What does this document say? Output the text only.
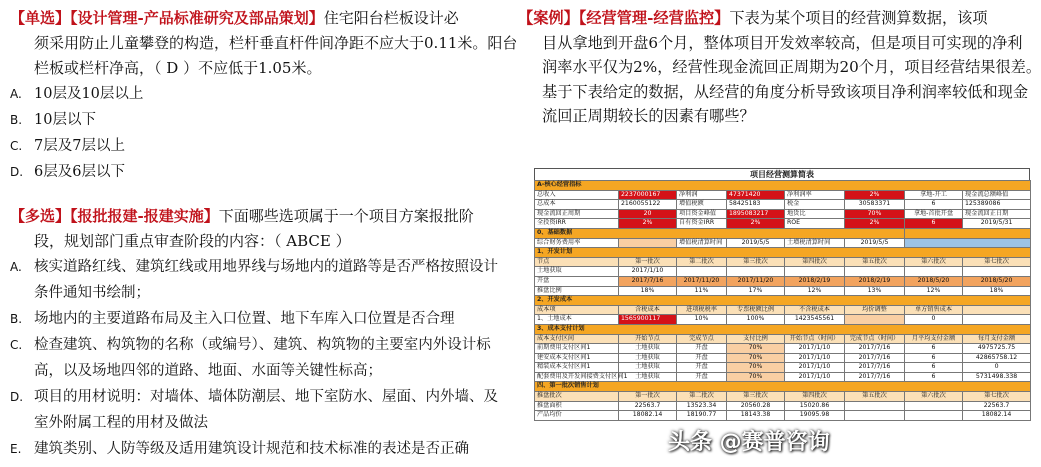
【单选】【设计管理-产品标准研究及部品策划】住宅阳台栏板设计必
须采用防止儿童攀登的构造，栏杆垂直杆件间净距不应大于0.11米。阳台
栏板或栏杆净高，（ D ）不应低于1.05米。
A. 10层及10层以上
B. 10层以下
C. 7层及7层以上
D. 6层及6层以下
【多选】【报批报建-报建实施】下面哪些选项属于一个项目方案报批阶
段，规划部门重点审查阶段的内容：（ ABCE ）
A. 核实道路红线、建筑红线或用地界线与场地内的道路等是否严格按照设计
条件通知书绘制；
B. 场地内的主要道路布局及主入口位置、地下车库入口位置是否合理
C. 检查建筑、构筑物的名称（或编号）、建筑、构筑物的主要室内外设计标
高，以及场地四邻的道路、地面、水面等关键性标高；
D. 项目的用材说明：对墙体、墙体防潮层、地下室防水、屋面、内外墙、及
室外附属工程的用材及做法
E. 建筑类别、人防等级及适用建筑设计规范和技术标准的表述是否正确
【案例】【经营管理-经营监控】下表为某个项目的经营测算数据，该项
目从拿地到开盘6个月，整体项目开发效率较高，但是项目可实现的净利
润率水平仅为2%，经营性现金流回正周期为20个月，项目经营结果很差。
基于下表给定的数据，从经营的角度分析导致该项目净利润率较低和现金
流回正周期较长的因素有哪些？
项目经营测算简表
A-核心经营指标							
总收入	2237000167	净利润	47371420	净利润率	2%	拿地-开工	现金流总额峰值
总成本	2160055122	增值税额	58425183	税金	30583371	6	125389086
现金流回正周期	20	项目资金峰值	1895083217	地货比	70%	拿地-首批开盘	现金流回正日期
全投资IRR	2%	自有资金IRR	2%	ROE	2%	6	2019/5/31
0、基础数据							
综合财务费用率		增值税清算时间	2019/5/5	土增税清算时间	2019/5/5		
1、开发计划							
节点	第一批次	第二批次	第三批次	第四批次	第五批次	第六批次	第七批次
土地获取	2017/1/10						
开盘	2017/7/16	2017/11/20	2017/11/20	2018/2/19	2018/2/19	2018/5/20	2018/5/20
推盘比例	18%	11%	17%	12%	13%	12%	18%
2、开发成本							
成本项	含税成本	进项税税率	专票税额比例	不含税成本	均价调整	单方销售成本	
1、土地成本	1565900117	10%	100%	1423545561		0	
3、成本支付计划							
成本支付区间	开始节点	完成节点	支付比例	开始节点（时间）	完成节点（时间）	月平均支付金额	每月支付金额
前期费用支付区间1	土地获取	开盘	70%	2017/1/10	2017/7/16	6	4975725.75
建安成本支付区间1	土地获取	开盘	70%	2017/1/10	2017/7/16	6	42865758.12
精装成本支付区间1	土地获取	开盘	70%	2017/1/10	2017/7/16	6	0
配套费用及开发间接费支付区间1	土地获取	开盘	70%	2017/1/10	2017/7/16	6	5731498.338
四、第一批次销售计划							
推盘批次	第一批次	第二批次	第三批次	第四批次	第五批次	第六批次	第七批次
推盘面积	22563.7	13523.34	20560.28	15020.86			22563.7
产品均价	18082.14	18190.77	18143.38	19095.98			18082.14
头条 @赛普咨询
